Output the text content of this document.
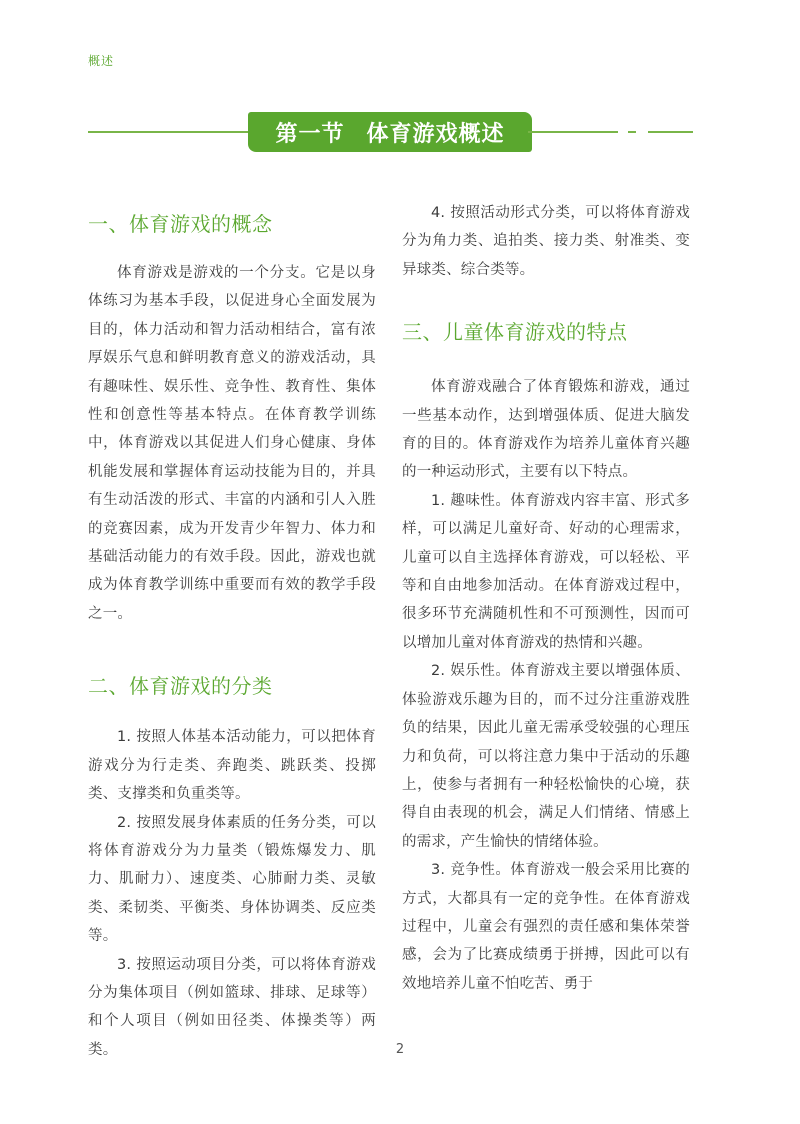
概述
第一节 体育游戏概述
一、体育游戏的概念

体育游戏是游戏的一个分支。它是以身体练习为基本手段，以促进身心全面发展为目的，体力活动和智力活动相结合，富有浓厚娱乐气息和鲜明教育意义的游戏活动，具有趣味性、娱乐性、竞争性、教育性、集体性和创意性等基本特点。在体育教学训练中，体育游戏以其促进人们身心健康、身体机能发展和掌握体育运动技能为目的，并具有生动活泼的形式、丰富的内涵和引人入胜的竞赛因素，成为开发青少年智力、体力和基础活动能力的有效手段。因此，游戏也就成为体育教学训练中重要而有效的教学手段之一。

二、体育游戏的分类

1. 按照人体基本活动能力，可以把体育游戏分为行走类、奔跑类、跳跃类、投掷类、支撑类和负重类等。

2. 按照发展身体素质的任务分类，可以将体育游戏分为力量类（锻炼爆发力、肌力、肌耐力）、速度类、心肺耐力类、灵敏类、柔韧类、平衡类、身体协调类、反应类等。

3. 按照运动项目分类，可以将体育游戏分为集体项目（例如篮球、排球、足球等）和个人项目（例如田径类、体操类等）两类。

4. 按照活动形式分类，可以将体育游戏分为角力类、追拍类、接力类、射准类、变异球类、综合类等。

三、儿童体育游戏的特点

体育游戏融合了体育锻炼和游戏，通过一些基本动作，达到增强体质、促进大脑发育的目的。体育游戏作为培养儿童体育兴趣的一种运动形式，主要有以下特点。

1. 趣味性。体育游戏内容丰富、形式多样，可以满足儿童好奇、好动的心理需求，儿童可以自主选择体育游戏，可以轻松、平等和自由地参加活动。在体育游戏过程中，很多环节充满随机性和不可预测性，因而可以增加儿童对体育游戏的热情和兴趣。

2. 娱乐性。体育游戏主要以增强体质、体验游戏乐趣为目的，而不过分注重游戏胜负的结果，因此儿童无需承受较强的心理压力和负荷，可以将注意力集中于活动的乐趣上，使参与者拥有一种轻松愉快的心境，获得自由表现的机会，满足人们情绪、情感上的需求，产生愉快的情绪体验。

3. 竞争性。体育游戏一般会采用比赛的方式，大都具有一定的竞争性。在体育游戏过程中，儿童会有强烈的责任感和集体荣誉感，会为了比赛成绩勇于拼搏，因此可以有效地培养儿童不怕吃苦、勇于

2
